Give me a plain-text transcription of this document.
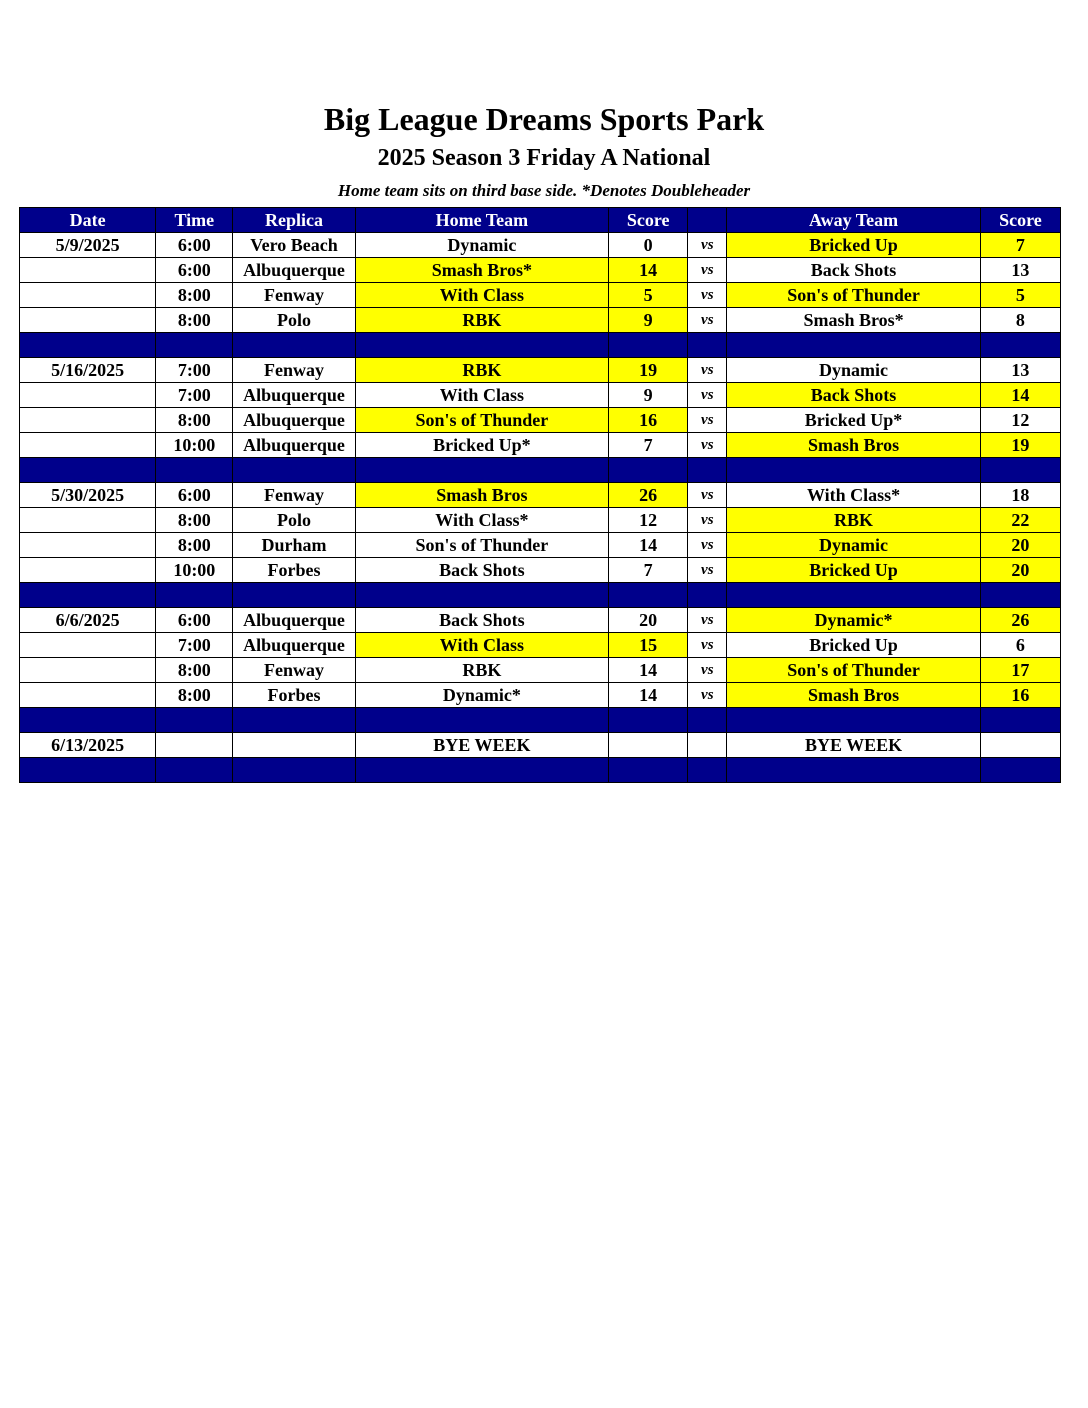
Big League Dreams Sports Park
2025 Season 3 Friday A National
Home team sits on third base side. *Denotes Doubleheader
Date	Time	Replica	Home Team	Score		Away Team	Score
5/9/2025	6:00	Vero Beach	Dynamic	0	vs	Bricked Up	7
	6:00	Albuquerque	Smash Bros*	14	vs	Back Shots	13
	8:00	Fenway	With Class	5	vs	Son's of Thunder	5
	8:00	Polo	RBK	9	vs	Smash Bros*	8

5/16/2025	7:00	Fenway	RBK	19	vs	Dynamic	13
	7:00	Albuquerque	With Class	9	vs	Back Shots	14
	8:00	Albuquerque	Son's of Thunder	16	vs	Bricked Up*	12
	10:00	Albuquerque	Bricked Up*	7	vs	Smash Bros	19

5/30/2025	6:00	Fenway	Smash Bros	26	vs	With Class*	18
	8:00	Polo	With Class*	12	vs	RBK	22
	8:00	Durham	Son's of Thunder	14	vs	Dynamic	20
	10:00	Forbes	Back Shots	7	vs	Bricked Up	20

6/6/2025	6:00	Albuquerque	Back Shots	20	vs	Dynamic*	26
	7:00	Albuquerque	With Class	15	vs	Bricked Up	6
	8:00	Fenway	RBK	14	vs	Son's of Thunder	17
	8:00	Forbes	Dynamic*	14	vs	Smash Bros	16

6/13/2025			BYE WEEK			BYE WEEK	
